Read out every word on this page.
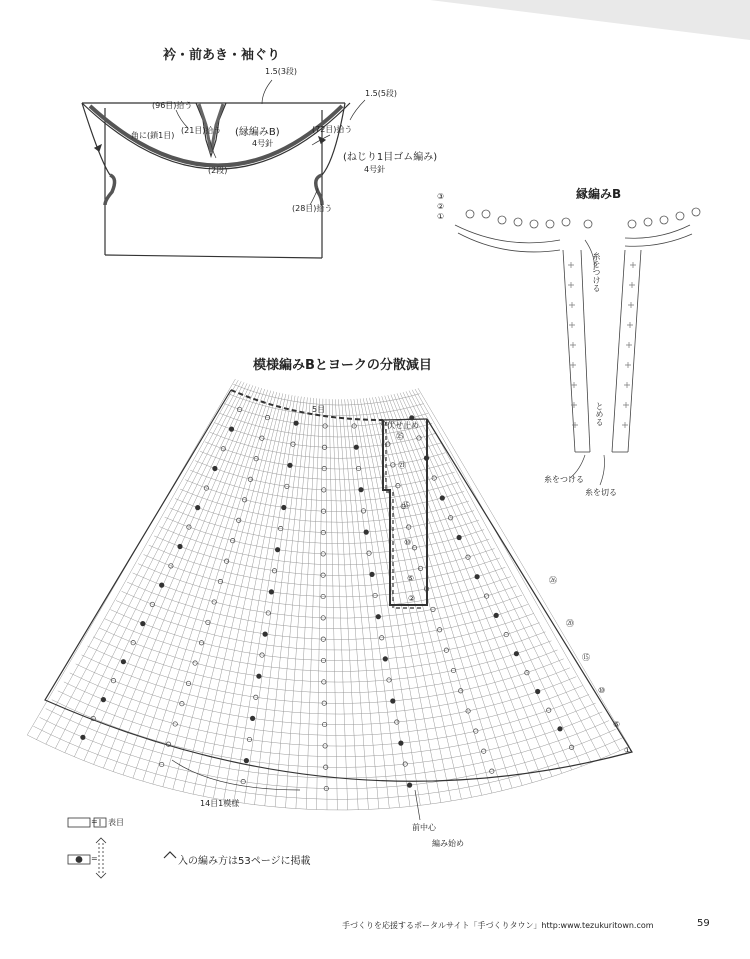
衿・前あき・袖ぐり
1.5(3段)
1.5(5段)
(96目)拾う
(21目)拾う
角に(鎖1目)	(縁編みB)
4号針
(72目)拾う
(2段)
(ねじり1目ゴム編み)
4号針
(28目)拾う
縁編みB
③
②
①
糸をつける
とめる
糸をつける
糸を切る
模様編みBとヨークの分散減目
5目
伏せ止め
㉕
㉑
⑮
⑩
⑤
②
㉖
⑳
⑮
⑩
⑤
①
14目1模様
前中心
編み始め
= 表目
=	入の編み方は53ページに掲載
手づくりを応援するポータルサイト「手づくりタウン」http:www.tezukuritown.com	59
